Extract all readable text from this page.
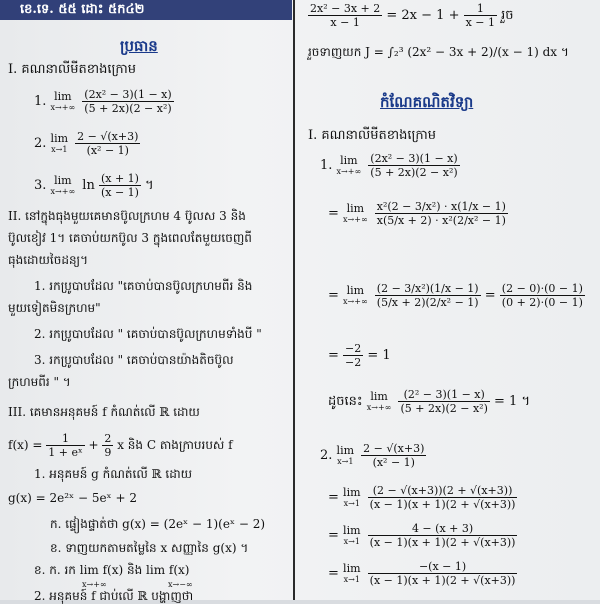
ខេ.ទេ. ៥៥ ដោះ ៥ក៤២
ប្រធាន
I. គណនាលីមីតខាងក្រោម
1. lim
x→+∞
$\frac{\text{(2x² − 3)(1 − x)}}{\text{(5 + 2x)(2 − x²)}}$
2. lim
x→1
$\frac{2 - √(x+3)}{\text{(x² − 1)}}$
3. lim
x→+∞ $\ln \frac{(x + 1)}{(x - 1)}$ ។
II. នៅក្នុងធុងមួយគេមានប៊ូលក្រហម 4 ប៊ូលស 3 និង
ប៊ូលខៀវ 1។ គេចាប់យកប៊ូល 3 ក្នុងពេលតែមួយចេញពី
ធុងដោយចៃដន្យ។
1. រកប្រូបាបដែល "គេចាប់បានប៊ូលក្រហមពីរ និង
មួយទៀតមិនក្រហម"
2. រកប្រូបាបដែល " គេចាប់បានប៊ូលក្រហមទាំងបី "
3. រកប្រូបាបដែល " គេចាប់បានយ៉ាងតិចប៊ូល
ក្រហមពីរ " ។
III. គេមានអនុគមន៍ f កំណត់លើ ℝ ដោយ
$f(x) = \frac{1}{\text{1 + eˣ}} + \frac{2}{9}$ x និង C តាងក្រាបរបស់ f
1. អនុគមន៍ g កំណត់លើ ℝ ដោយ
g(x) = 2e²ˣ − 5eˣ + 2
ក. ផ្ទៀងផ្ទាត់ថា g(x) = (2eˣ − 1)(eˣ − 2)
ខ. ទាញយកតាមតម្លៃនៃ x សញ្ញានៃ g(x) ។
ខ. ក. រក lim f(x) និង lim f(x)
x→+∞	x→−∞
2. អនុគមន៍ f ជាប់លើ ℝ បង្ហាញថា
$\frac{\text{2x² − 3x + 2}}{x - 1} = 2x - 1 + \frac{1}{x - 1}$ រួច
រួចទាញយក J = ∫₂³ (2x² − 3x + 2)/(x − 1) dx ។
កំណែគណិតវិទ្យា
I. គណនាលីមីតខាងក្រោម
1. lim
x→+∞
$\frac{\text{(2x² − 3)(1 − x)}}{\text{(5 + 2x)(2 − x²)}}$
= lim
x→+∞
$\frac{\text{x²(2 − 3/x²) · x(1/x − 1)}}{\text{x(5/x + 2) · x²(2/x² − 1)}}$
= lim
x→+∞
$\frac{\text{(2 − 3/x²)(1/x − 1)}}{\text{(5/x + 2)(2/x² − 1)}} = \frac{(2 - 0)\cdot(0 - 1)}{(0 + 2)\cdot(0 - 1)}$
= $\frac{-2}{-2} = 1$
ដូចនេះ lim
x→+∞
$\frac{\text{(2² − 3)(1 − x)}}{\text{(5 + 2x)(2 − x²)}} = 1$ ។
2. lim
x→1
$\frac{2 - √(x+3)}{\text{(x² − 1)}}$
= lim
x→1
$\frac{(2 - √(x+3))(2 + √(x+3))}{(x - 1)(x + 1)(2 + √(x+3))}$
= lim
x→1
$\frac{4 - (x + 3)}{(x - 1)(x + 1)(2 + √(x+3))}$
= lim
x→1
$\frac{-(x - 1)}{(x - 1)(x + 1)(2 + √(x+3))}$
